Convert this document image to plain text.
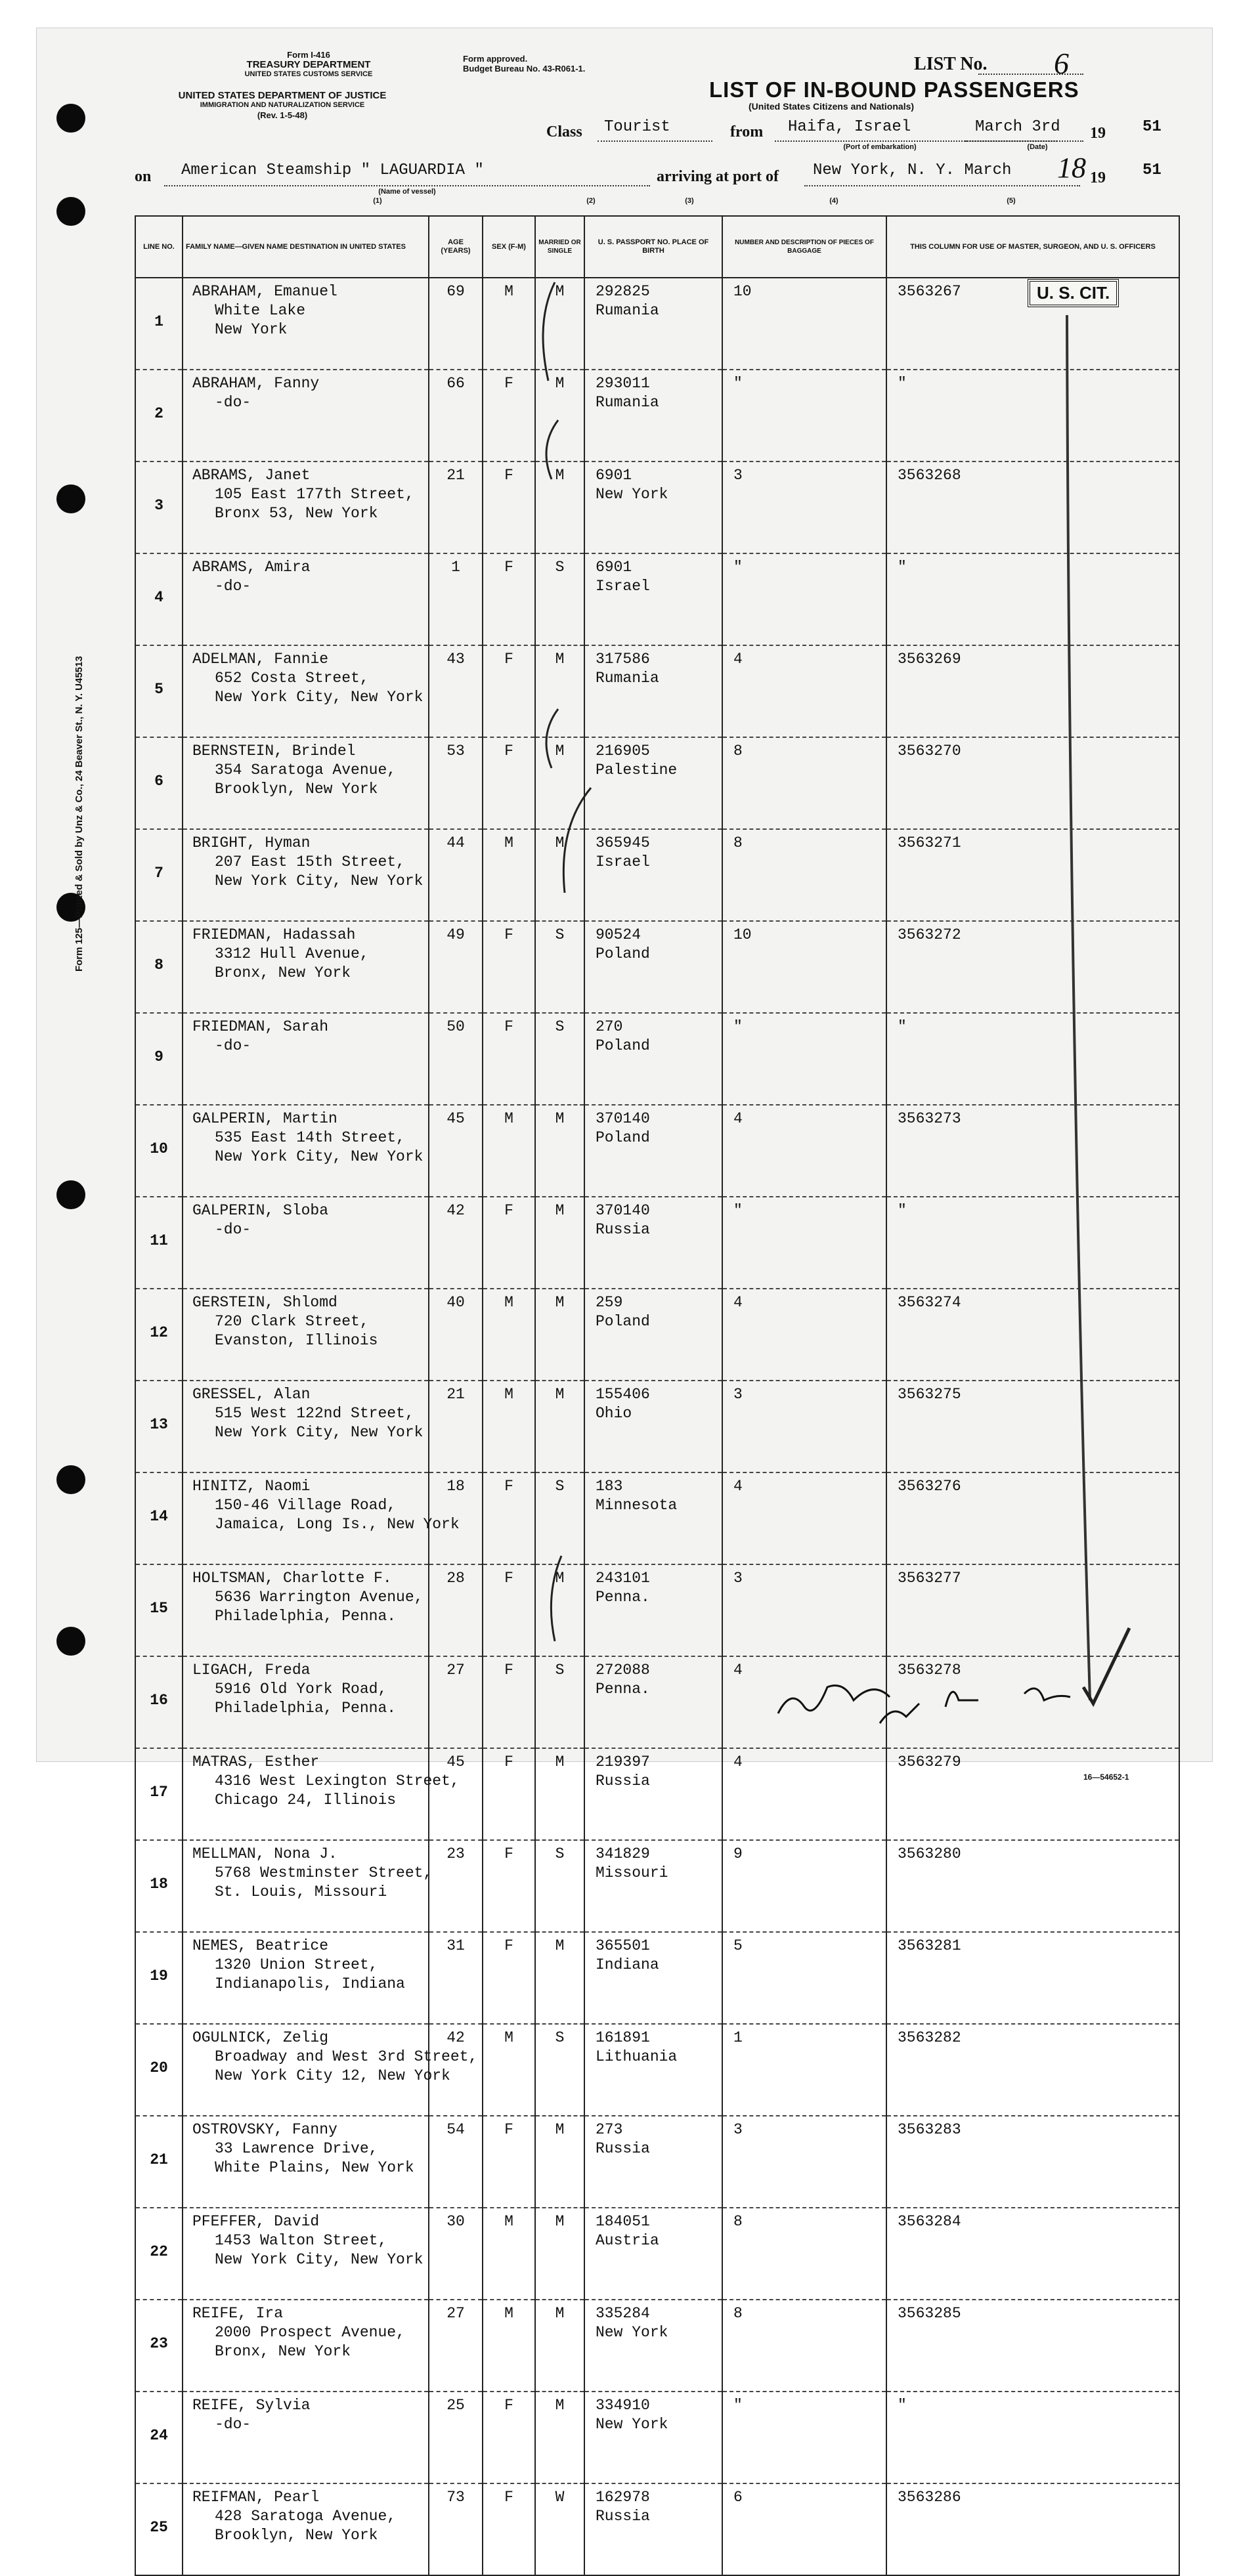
Form I-416
TREASURY DEPARTMENT
UNITED STATES CUSTOMS SERVICE
UNITED STATES DEPARTMENT OF JUSTICE
IMMIGRATION AND NATURALIZATION SERVICE
(Rev. 1-5-48)
Form approved.
Budget Bureau No. 43-R061-1.	LIST No. 6
LIST OF IN-BOUND PASSENGERS
(United States Citizens and Nationals)
Class Tourist	from Haifa, Israel	March 3rd 19 51
(Port of embarkation)	(Date)
on American Steamship " LAGUARDIA "
(Name of vessel)
(1)
arriving at port of New York, N. Y. March 18 19 51
(2)	(3)	(4)	(5)
Form 125—Printed & Sold by Unz & Co., 24 Beaver St., N. Y. U45513
LINE NO.	FAMILY NAME—GIVEN NAME DESTINATION IN UNITED STATES	AGE (YEARS)	SEX (F-M)	MARRIED OR SINGLE	U. S. PASSPORT NO. PLACE OF BIRTH	NUMBER AND DESCRIPTION OF PIECES OF BAGGAGE	THIS COLUMN FOR USE OF MASTER, SURGEON, AND U. S. OFFICERS

1	ABRAHAM, Emanuel
White Lake
New York	69	M	M	292825
Rumania	10	3563267

2	ABRAHAM, Fanny
-do-	66	F	M	293011
Rumania	"	"

3	ABRAMS, Janet
105 East 177th Street,
Bronx 53, New York	21	F	M	6901
New York	3	3563268

4	ABRAMS, Amira
-do-	1	F	S	6901
Israel	"	"

5	ADELMAN, Fannie
652 Costa Street,
New York City, New York	43	F	M	317586
Rumania	4	3563269

6	BERNSTEIN, Brindel
354 Saratoga Avenue,
Brooklyn, New York	53	F	M	216905
Palestine	8	3563270

7	BRIGHT, Hyman
207 East 15th Street,
New York City, New York	44	M	M	365945
Israel	8	3563271

8	FRIEDMAN, Hadassah
3312 Hull Avenue,
Bronx, New York	49	F	S	90524
Poland	10	3563272

9	FRIEDMAN, Sarah
-do-	50	F	S	270
Poland	"	"

10	GALPERIN, Martin
535 East 14th Street,
New York City, New York	45	M	M	370140
Poland	4	3563273

11	GALPERIN, Sloba
-do-	42	F	M	370140
Russia	"	"

12	GERSTEIN, Shlomd
720 Clark Street,
Evanston, Illinois	40	M	M	259
Poland	4	3563274

13	GRESSEL, Alan
515 West 122nd Street,
New York City, New York	21	M	M	155406
Ohio	3	3563275

14	HINITZ, Naomi
150-46 Village Road,
Jamaica, Long Is., New York	18	F	S	183
Minnesota	4	3563276

15	HOLTSMAN, Charlotte F.
5636 Warrington Avenue,
Philadelphia, Penna.	28	F	M	243101
Penna.	3	3563277

16	LIGACH, Freda
5916 Old York Road,
Philadelphia, Penna.	27	F	S	272088
Penna.	4	3563278

17	MATRAS, Esther
4316 West Lexington Street,
Chicago 24, Illinois	45	F	M	219397
Russia	4	3563279

18	MELLMAN, Nona J.
5768 Westminster Street,
St. Louis, Missouri	23	F	S	341829
Missouri	9	3563280

19	NEMES, Beatrice
1320 Union Street,
Indianapolis, Indiana	31	F	M	365501
Indiana	5	3563281

20	OGULNICK, Zelig
Broadway and West 3rd Street,
New York City 12, New York	42	M	S	161891
Lithuania	1	3563282

21	OSTROVSKY, Fanny
33 Lawrence Drive,
White Plains, New York	54	F	M	273
Russia	3	3563283

22	PFEFFER, David
1453 Walton Street,
New York City, New York	30	M	M	184051
Austria	8	3563284

23	REIFE, Ira
2000 Prospect Avenue,
Bronx, New York	27	M	M	335284
New York	8	3563285

24	REIFE, Sylvia
-do-	25	F	M	334910
New York	"	"

25	REIFMAN, Pearl
428 Saratoga Avenue,
Brooklyn, New York	73	F	W	162978
Russia	6	3563286
U. S. CIT.
16—54652-1
